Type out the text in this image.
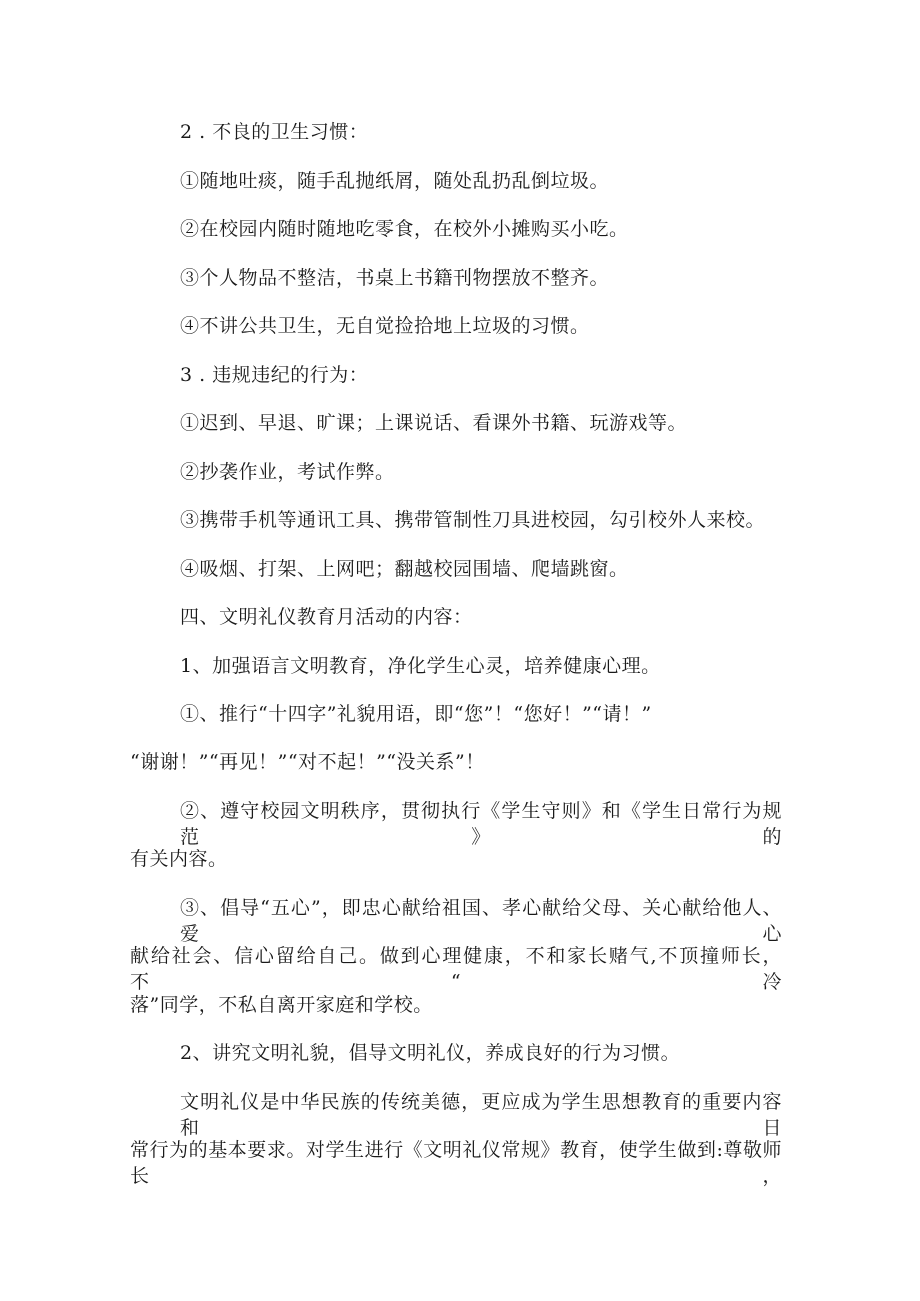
2 . 不良的卫生习惯：
①随地吐痰，随手乱抛纸屑，随处乱扔乱倒垃圾。
②在校园内随时随地吃零食，在校外小摊购买小吃。
③个人物品不整洁，书桌上书籍刊物摆放不整齐。
④不讲公共卫生，无自觉捡拾地上垃圾的习惯。
3 . 违规违纪的行为：
①迟到、早退、旷课；上课说话、看课外书籍、玩游戏等。
②抄袭作业，考试作弊。
③携带手机等通讯工具、携带管制性刀具进校园，勾引校外人来校。
④吸烟、打架、上网吧；翻越校园围墙、爬墙跳窗。
四、文明礼仪教育月活动的内容：
1、加强语言文明教育，净化学生心灵，培养健康心理。
①、推行“十四字”礼貌用语，即“您”！“您好！”“请！”
“谢谢！”“再见！”“对不起！”“没关系”！
②、遵守校园文明秩序，贯彻执行《学生守则》和《学生日常行为规范》的
有关内容。
③、倡导“五心”，即忠心献给祖国、孝心献给父母、关心献给他人、爱心
献给社会、信心留给自己。做到心理健康，不和家长赌气,不顶撞师长，不“冷
落”同学，不私自离开家庭和学校。
2、讲究文明礼貌，倡导文明礼仪，养成良好的行为习惯。
文明礼仪是中华民族的传统美德，更应成为学生思想教育的重要内容和日
常行为的基本要求。对学生进行《文明礼仪常规》教育，使学生做到:尊敬师长，
